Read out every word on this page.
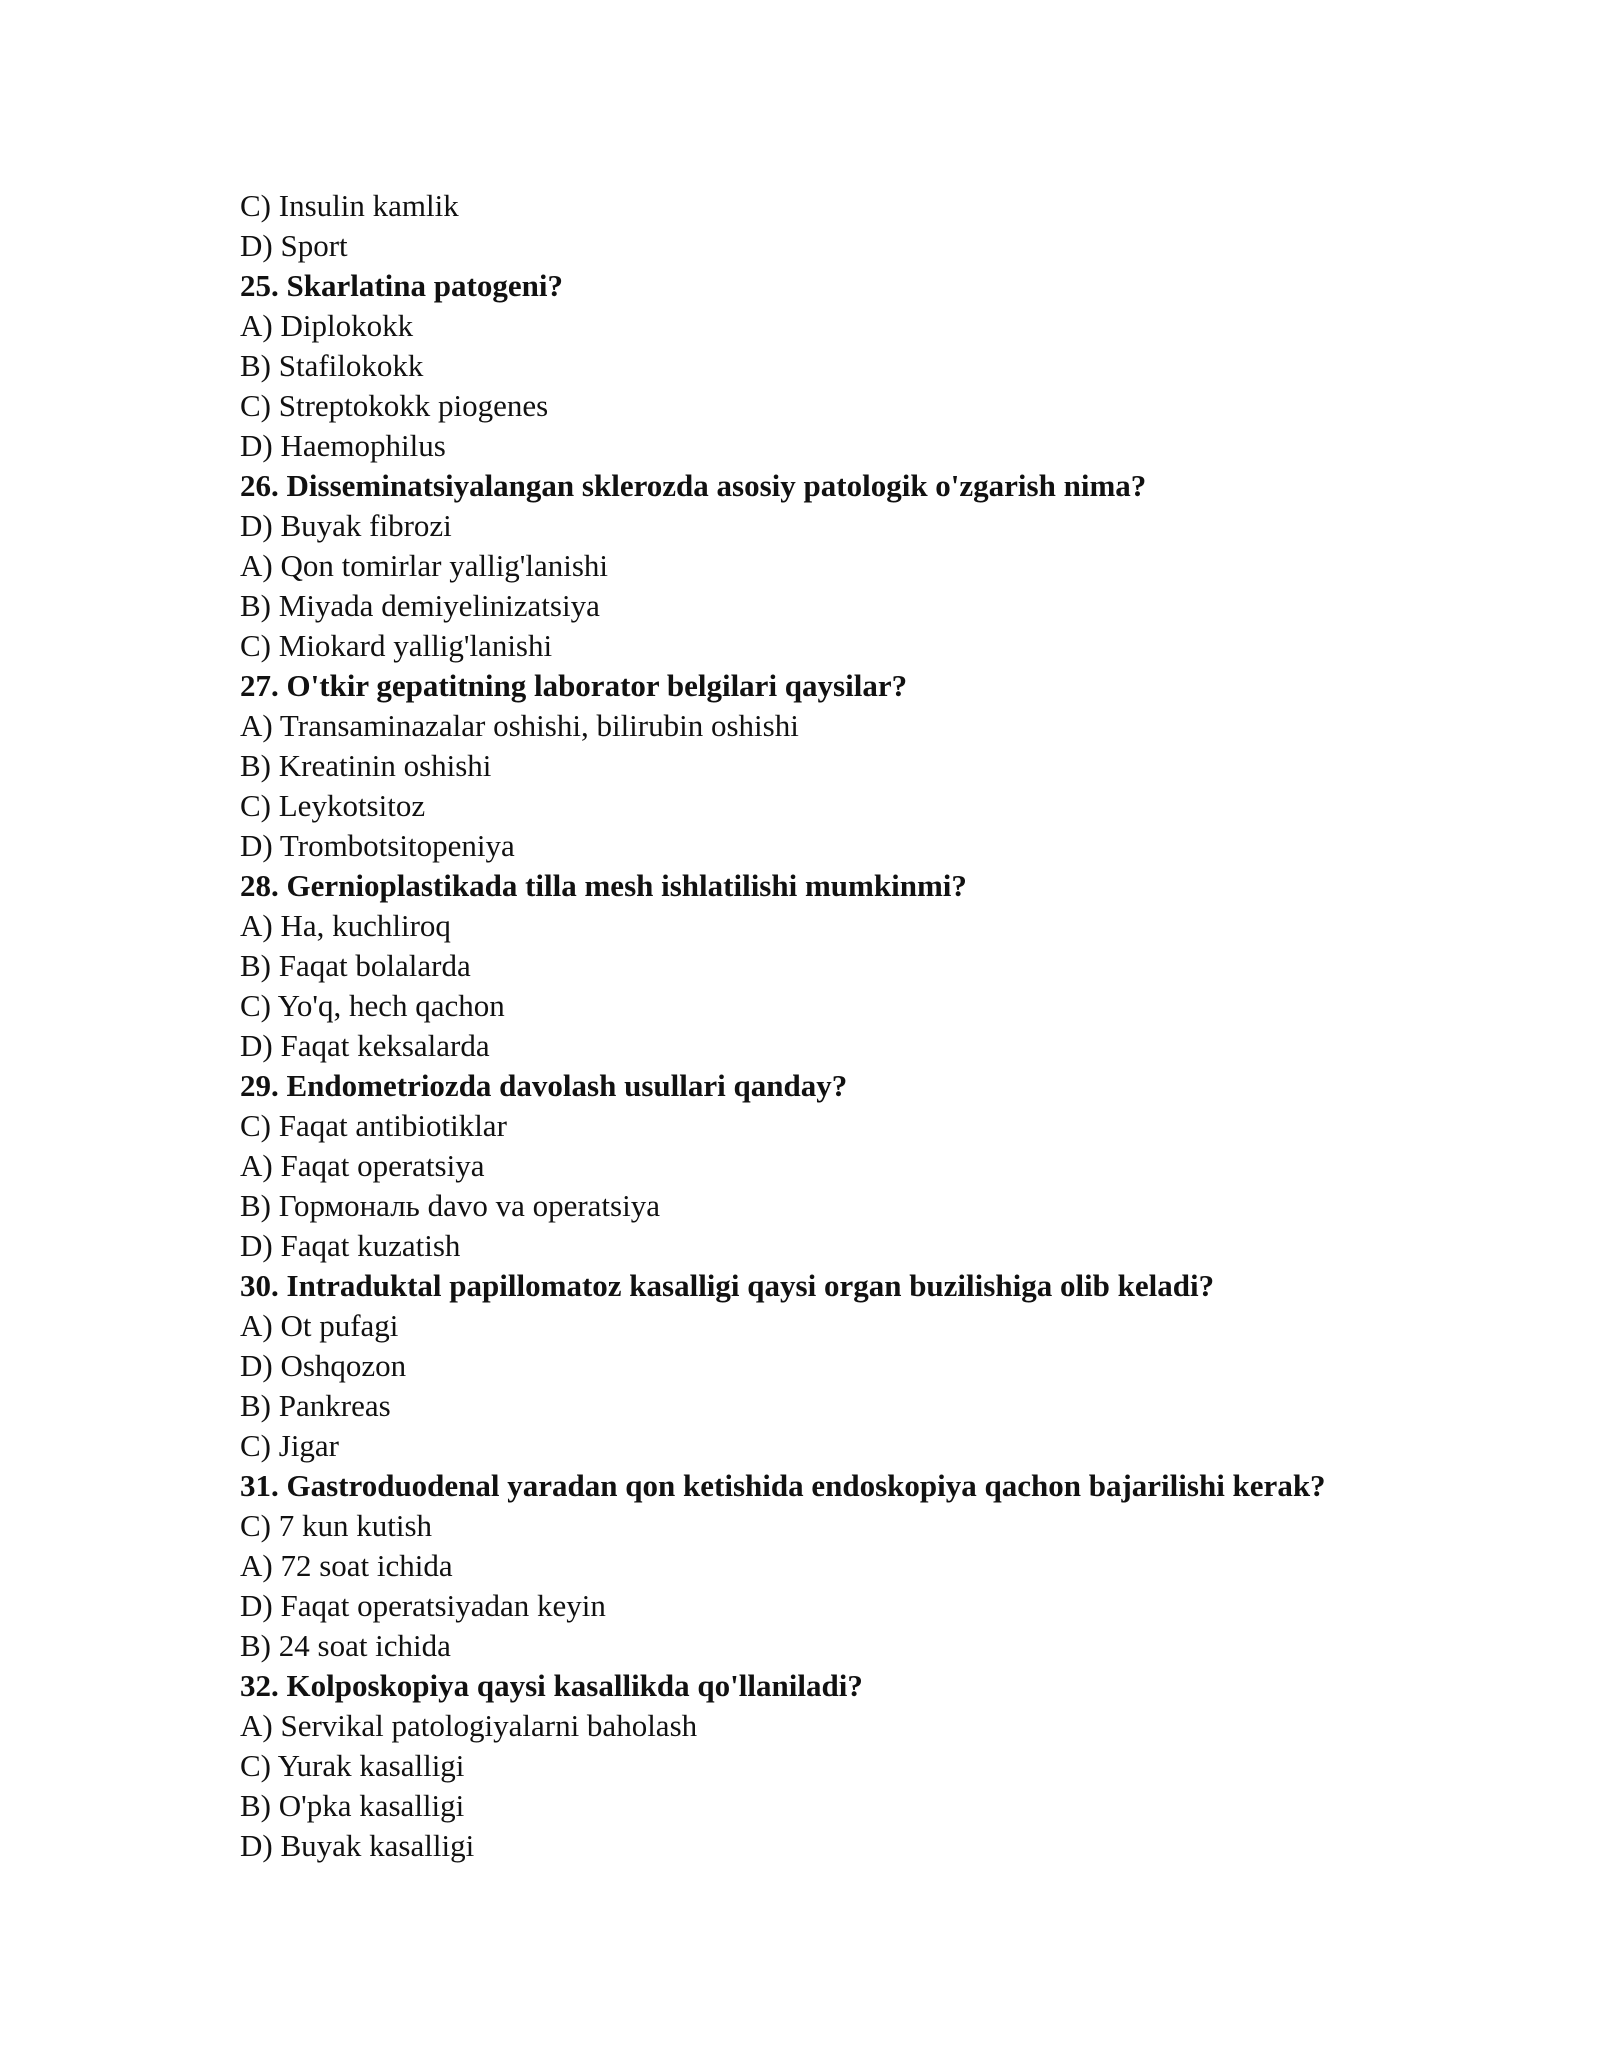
C) Insulin kamlik
D) Sport
25. Skarlatina patogeni?
A) Diplokokk
B) Stafilokokk
C) Streptokokk piogenes
D) Haemophilus
26. Disseminatsiyalangan sklerozda asosiy patologik o'zgarish nima?
D) Buyak fibrozi
A) Qon tomirlar yallig'lanishi
B) Miyada demiyelinizatsiya
C) Miokard yallig'lanishi
27. O'tkir gepatitning laborator belgilari qaysilar?
A) Transaminazalar oshishi, bilirubin oshishi
B) Kreatinin oshishi
C) Leykotsitoz
D) Trombotsitopeniya
28. Gernioplastikada tilla mesh ishlatilishi mumkinmi?
A) Ha, kuchliroq
B) Faqat bolalarda
C) Yo'q, hech qachon
D) Faqat keksalarda
29. Endometriozda davolash usullari qanday?
C) Faqat antibiotiklar
A) Faqat operatsiya
B) Гормональ davo va operatsiya
D) Faqat kuzatish
30. Intraduktal papillomatoz kasalligi qaysi organ buzilishiga olib keladi?
A) Ot pufagi
D) Oshqozon
B) Pankreas
C) Jigar
31. Gastroduodenal yaradan qon ketishida endoskopiya qachon bajarilishi kerak?
C) 7 kun kutish
A) 72 soat ichida
D) Faqat operatsiyadan keyin
B) 24 soat ichida
32. Kolposkopiya qaysi kasallikda qo'llaniladi?
A) Servikal patologiyalarni baholash
C) Yurak kasalligi
B) O'pka kasalligi
D) Buyak kasalligi
